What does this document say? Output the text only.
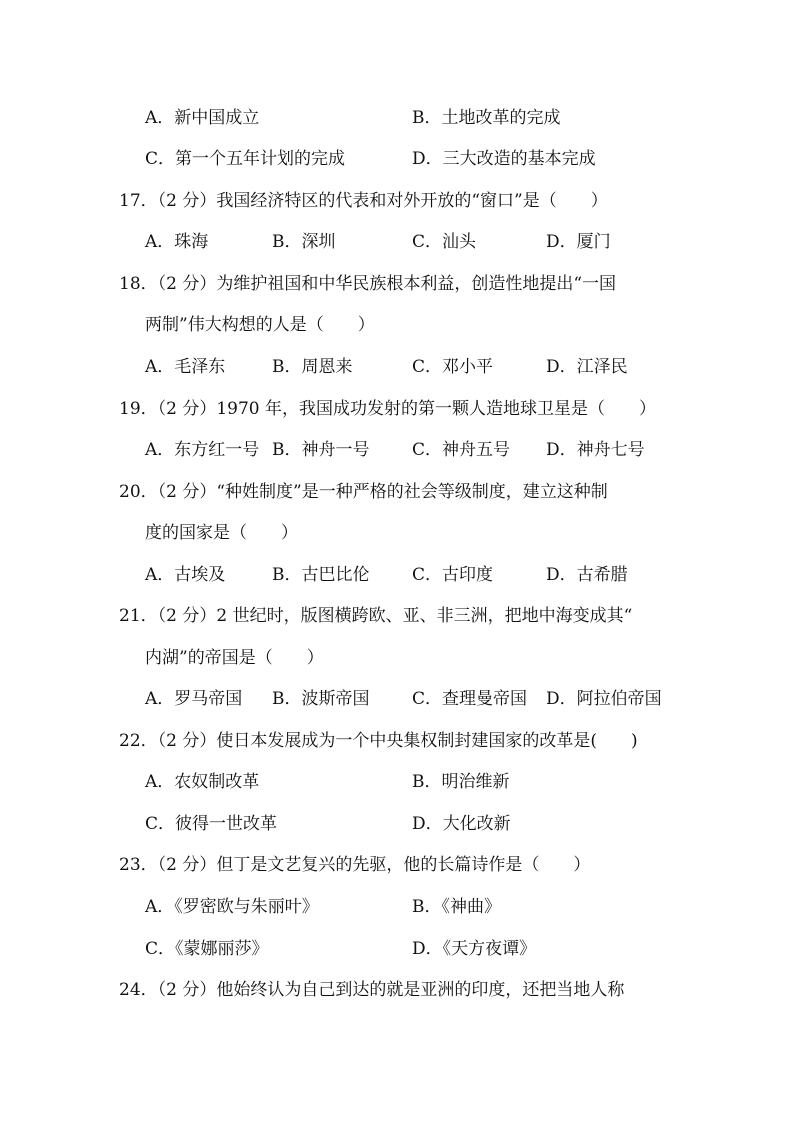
A．新中国成立	B．土地改革的完成
C．第一个五年计划的完成	D．三大改造的基本完成
17．（2 分）我国经济特区的代表和对外开放的“窗口”是（　　）
A．珠海	B．深圳	C．汕头	D．厦门
18．（2 分）为维护祖国和中华民族根本利益，创造性地提出“一国
两制”伟大构想的人是（　　）
A．毛泽东	B．周恩来	C．邓小平	D．江泽民
19．（2 分）1970 年，我国成功发射的第一颗人造地球卫星是（　　）
A．东方红一号 B．神舟一号	C．神舟五号 D．神舟七号
20．（2 分）“种姓制度”是一种严格的社会等级制度，建立这种制
度的国家是（　　）
A．古埃及	B．古巴比伦	C．古印度	D．古希腊
21．（2 分）2 世纪时，版图横跨欧、亚、非三洲，把地中海变成其“
内湖”的帝国是（　　）
A．罗马帝国 B．波斯帝国	C．查理曼帝国 D．阿拉伯帝国
22．（2 分）使日本发展成为一个中央集权制封建国家的改革是(　　)
A．农奴制改革	B．明治维新
C．彼得一世改革	D．大化改新
23．（2 分）但丁是文艺复兴的先驱，他的长篇诗作是（　　）
A．《罗密欧与朱丽叶》	B．《神曲》
C．《蒙娜丽莎》	D．《天方夜谭》
24．（2 分）他始终认为自己到达的就是亚洲的印度，还把当地人称
